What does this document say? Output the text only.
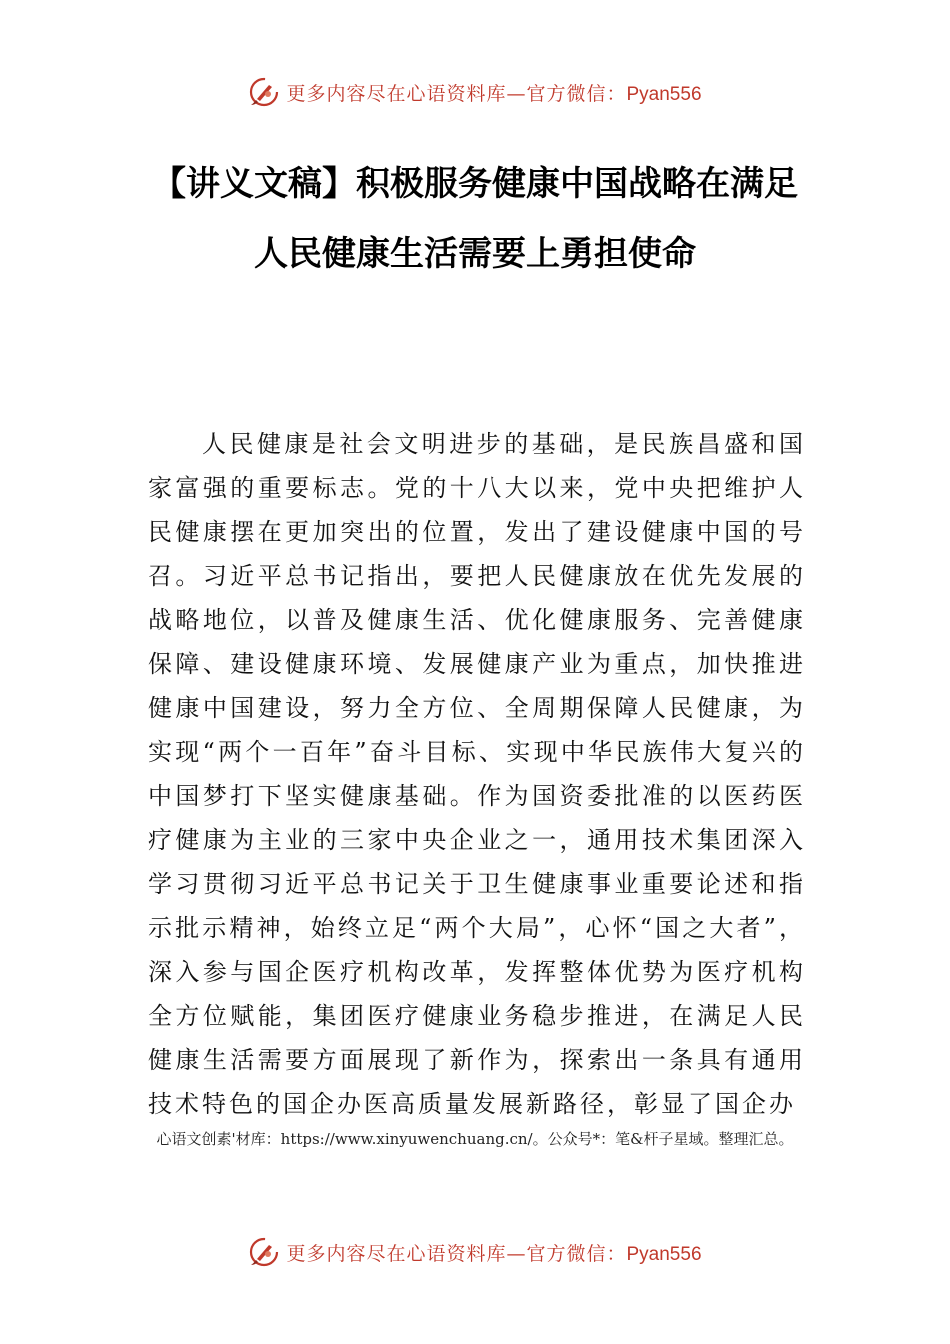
更多内容尽在心语资料库—官方微信：Pyan556
【讲义文稿】积极服务健康中国战略在满足
人民健康生活需要上勇担使命

人民健康是社会文明进步的基础，是民族昌盛和国家富强的重要标志。党的十八大以来，党中央把维护人民健康摆在更加突出的位置，发出了建设健康中国的号召。习近平总书记指出，要把人民健康放在优先发展的战略地位，以普及健康生活、优化健康服务、完善健康保障、建设健康环境、发展健康产业为重点，加快推进健康中国建设，努力全方位、全周期保障人民健康，为实现“两个一百年”奋斗目标、实现中华民族伟大复兴的中国梦打下坚实健康基础。作为国资委批准的以医药医疗健康为主业的三家中央企业之一，通用技术集团深入学习贯彻习近平总书记关于卫生健康事业重要论述和指示批示精神，始终立足“两个大局”，心怀“国之大者”，深入参与国企医疗机构改革，发挥整体优势为医疗机构全方位赋能，集团医疗健康业务稳步推进，在满足人民健康生活需要方面展现了新作为，探索出一条具有通用技术特色的国企办医高质量发展新路径，彰显了国企办

心语文创素'材库：https://www.xinyuwenchuang.cn/。公众号*：笔&杆子星域。整理汇总。
更多内容尽在心语资料库—官方微信：Pyan556
